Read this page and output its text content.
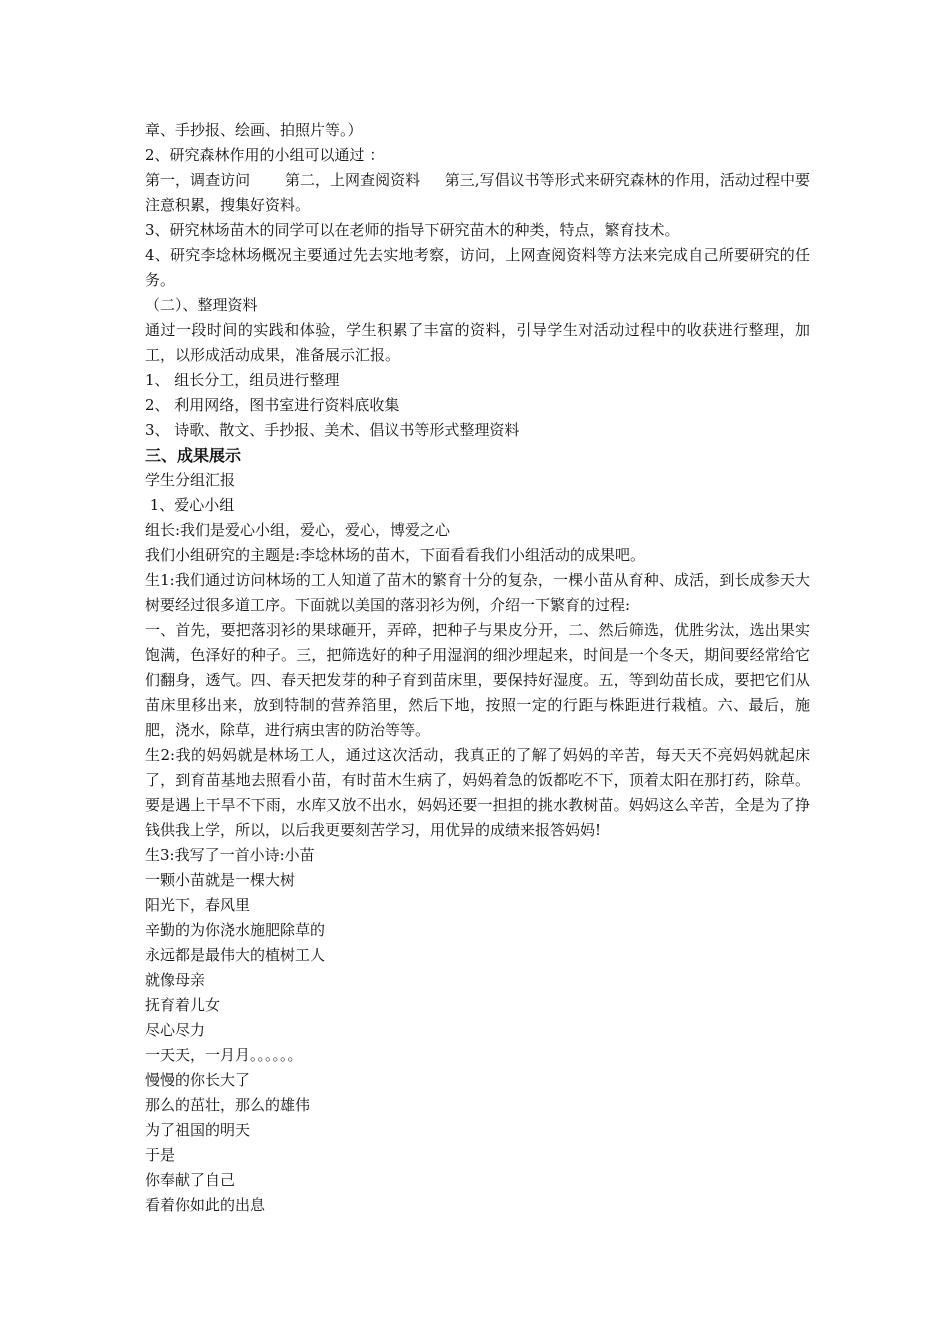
章、手抄报、绘画、拍照片等。）
2、研究森林作用的小组可以通过 ：
第一，调查访问　　 第二，上网查阅资料 　 第三,写倡议书等形式来研究森林的作用，活动过程中要注意积累，搜集好资料。
3、研究林场苗木的同学可以在老师的指导下研究苗木的种类，特点，繁育技术。
4、研究李埝林场概况主要通过先去实地考察，访问，上网查阅资料等方法来完成自己所要研究的任务。
（二）、整理资料
通过一段时间的实践和体验，学生积累了丰富的资料，引导学生对活动过程中的收获进行整理，加工，以形成活动成果，准备展示汇报。
1、 组长分工，组员进行整理
2、 利用网络，图书室进行资料底收集
3、 诗歌、散文、手抄报、美术、倡议书等形式整理资料
三、成果展示
学生分组汇报
1、爱心小组
组长:我们是爱心小组，爱心，爱心，博爱之心
我们小组研究的主题是:李埝林场的苗木，下面看看我们小组活动的成果吧。
生1:我们通过访问林场的工人知道了苗木的繁育十分的复杂，一棵小苗从育种、成活，到长成参天大树要经过很多道工序。下面就以美国的落羽衫为例，介绍一下繁育的过程:
一、首先，要把落羽衫的果球砸开，弄碎，把种子与果皮分开，二、然后筛选，优胜劣汰，选出果实饱满，色泽好的种子。三，把筛选好的种子用湿润的细沙埋起来，时间是一个冬天，期间要经常给它们翻身，透气。四、春天把发芽的种子育到苗床里，要保持好湿度。五，等到幼苗长成，要把它们从苗床里移出来，放到特制的营养箔里，然后下地，按照一定的行距与株距进行栽植。六、最后，施肥，浇水，除草，进行病虫害的防治等等。
生2:我的妈妈就是林场工人，通过这次活动，我真正的了解了妈妈的辛苦，每天天不亮妈妈就起床了，到育苗基地去照看小苗，有时苗木生病了，妈妈着急的饭都吃不下，顶着太阳在那打药，除草。要是遇上干旱不下雨，水库又放不出水，妈妈还要一担担的挑水教树苗。妈妈这么辛苦，全是为了挣钱供我上学，所以，以后我更要刻苦学习，用优异的成绩来报答妈妈!
生3:我写了一首小诗:小苗
一颗小苗就是一棵大树
阳光下，春风里
辛勤的为你浇水施肥除草的
永远都是最伟大的植树工人
就像母亲
抚育着儿女
尽心尽力
一天天，一月月。。。。。。
慢慢的你长大了
那么的茁壮，那么的雄伟
为了祖国的明天
于是
你奉献了自己
看着你如此的出息
